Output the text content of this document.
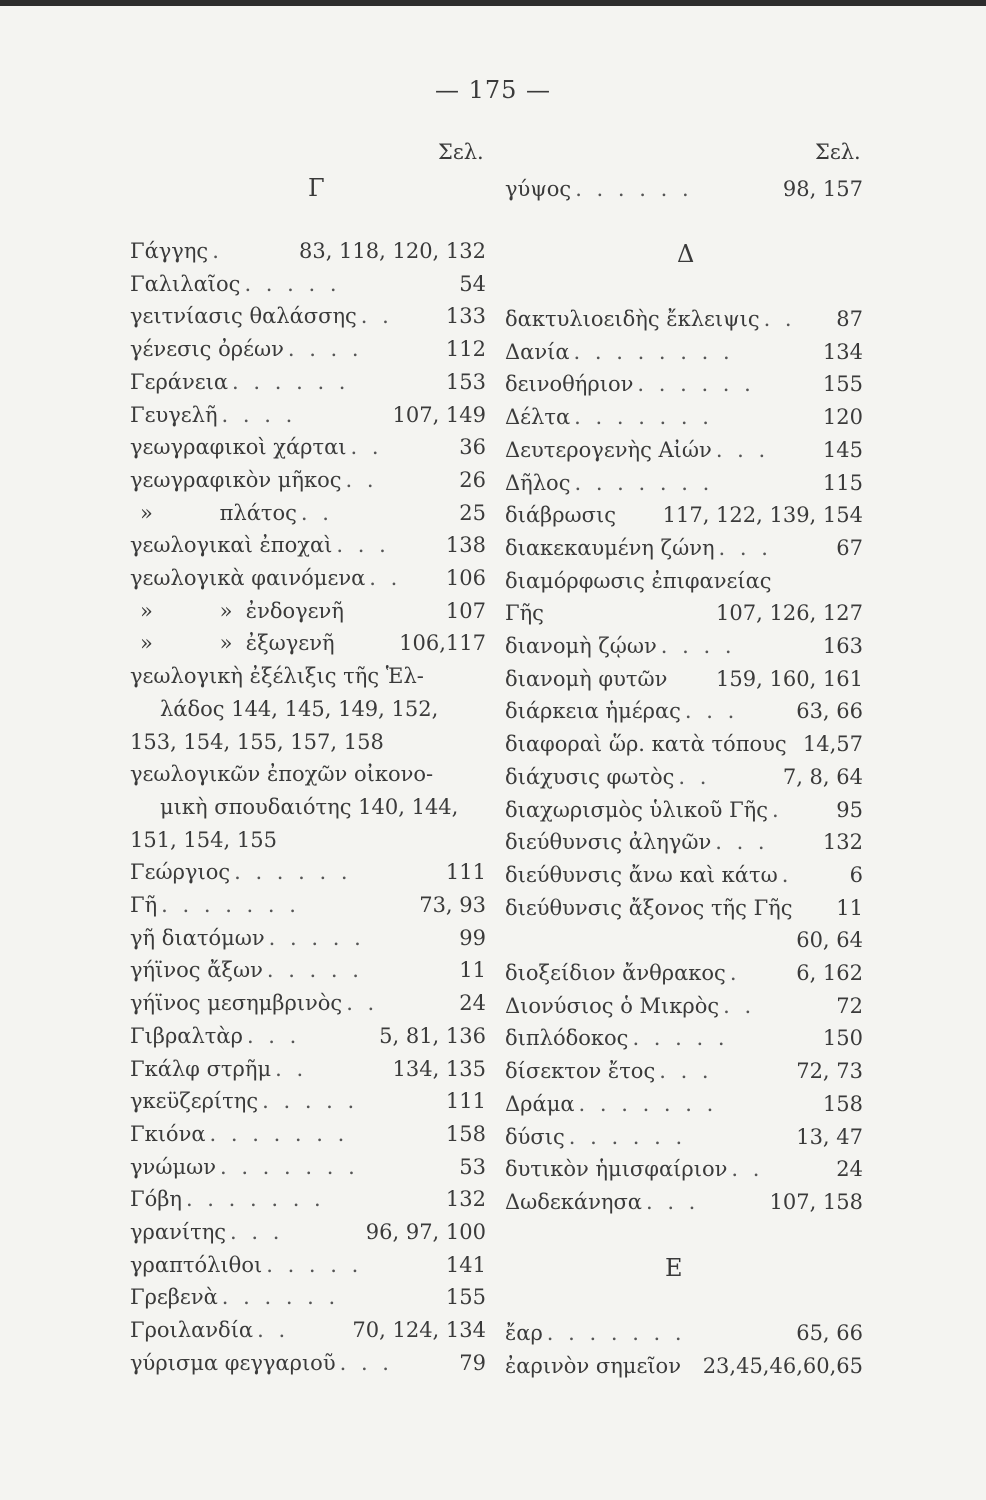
— 175 —
Σελ.
Γ
Γάγγης .	83, 118, 120, 132
Γαλιλαῖος . . . . .	54
γειτνίασις θαλάσσης . .	133
γένεσις ὀρέων . . . .	112
Γεράνεια . . . . . .	153
Γευγελῆ . . . .	107, 149
γεωγραφικοὶ χάρται . .	36
γεωγραφικὸν μῆκος . .	26
»          πλάτος . .	25
γεωλογικαὶ ἐποχαὶ . . .	138
γεωλογικὰ φαινόμενα . .	106
»          »  ἐνδογενῆ	107
»          »  ἐξωγενῆ	106,117
γεωλογικὴ ἐξέλιξις τῆς Ἑλ-
λάδος 144, 145, 149, 152,
153, 154, 155, 157, 158
γεωλογικῶν ἐποχῶν οἰκονο-
μικὴ σπουδαιότης 140, 144,
151, 154, 155
Γεώργιος . . . . . .	111
Γῆ . . . . . . .	73, 93
γῆ διατόμων . . . . .	99
γήϊνος ἄξων . . . . .	11
γήϊνος μεσημβρινὸς . .	24
Γιβραλτὰρ . . .	5, 81, 136
Γκάλφ στρῆμ . .	134, 135
γκεϋζερίτης . . . . .	111
Γκιόνα . . . . . . .	158
γνώμων . . . . . . .	53
Γόβη . . . . . . .	132
γρανίτης . . .	96, 97, 100
γραπτόλιθοι . . . . .	141
Γρεβενὰ . . . . . .	155
Γροιλανδία . .	70, 124, 134
γύρισμα φεγγαριοῦ . . .	79
Σελ.
γύψος . . . . . .	98, 157
Δ
δακτυλιοειδὴς ἔκλειψις . .	87
Δανία . . . . . . . .	134
δεινοθήριον . . . . . .	155
Δέλτα . . . . . . .	120
Δευτερογενὴς Αἰών . . .	145
Δῆλος . . . . . . .	115
διάβρωσις 117, 122, 139, 154
διακεκαυμένη ζώνη . . .	67
διαμόρφωσις ἐπιφανείας
Γῆς	107, 126, 127
διανομὴ ζῴων . . . .	163
διανομὴ φυτῶν 159, 160, 161
διάρκεια ἡμέρας . . .	63, 66
διαφοραὶ ὥρ. κατὰ τόπους 14,57
διάχυσις φωτὸς . .	7, 8, 64
διαχωρισμὸς ὑλικοῦ Γῆς .	95
διεύθυνσις ἀληγῶν . . .	132
διεύθυνσις ἄνω καὶ κάτω .	6
διεύθυνσις ἄξονος τῆς Γῆς 11
60, 64
διοξείδιον ἄνθρακος .	6, 162
Διονύσιος ὁ Μικρὸς . .	72
διπλόδοκος . . . . .	150
δίσεκτον ἔτος . . .	72, 73
Δράμα . . . . . . .	158
δύσις . . . . . .	13, 47
δυτικὸν ἡμισφαίριον . .	24
Δωδεκάνησα . . .	107, 158
Ε
ἔαρ . . . . . . .	65, 66
ἐαρινὸν σημεῖον 23,45,46,60,65
